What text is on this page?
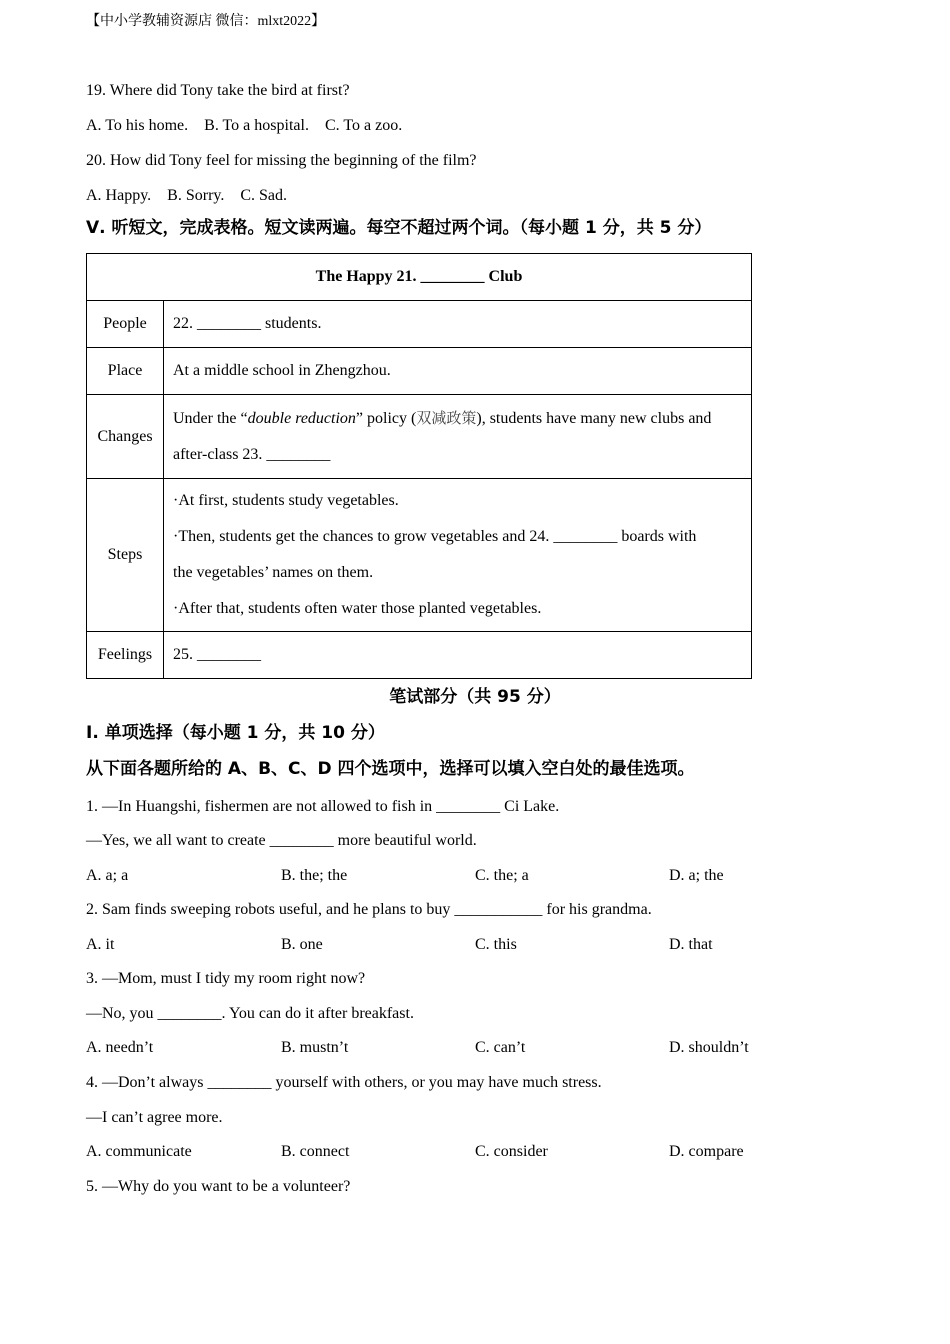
【中小学教辅资源店 微信：mlxt2022】
19. Where did Tony take the bird at first?
A. To his home.    B. To a hospital.    C. To a zoo.
20. How did Tony feel for missing the beginning of the film?
A. Happy.    B. Sorry.    C. Sad.
Ⅴ. 听短文，完成表格。短文读两遍。每空不超过两个词。（每小题 1 分，共 5 分）
The Happy 21. ________ Club	
People	22. ________ students.
Place	At a middle school in Zhengzhou.
Changes	Under the “double reduction” policy (双减政策), students have many new clubs and
after-class 23. ________

Steps	·At first, students study vegetables.
·Then, students get the chances to grow vegetables and 24. ________ boards with
the vegetables’ names on them.
·After that, students often water those planted vegetables.

Feelings	25. ________
笔试部分（共 95 分）
Ⅰ. 单项选择（每小题 1 分，共 10 分）
从下面各题所给的 A、B、C、D 四个选项中，选择可以填入空白处的最佳选项。
1. —In Huangshi, fishermen are not allowed to fish in ________ Ci Lake.
—Yes, we all want to create ________ more beautiful world.
A. a; a	B. the; the	C. the; a	D. a; the
2. Sam finds sweeping robots useful, and he plans to buy ___________ for his grandma.
A. it	B. one	C. this	D. that
3. —Mom, must I tidy my room right now?
—No, you ________. You can do it after breakfast.
A. needn’t	B. mustn’t	C. can’t	D. shouldn’t
4. —Don’t always ________ yourself with others, or you may have much stress.
—I can’t agree more.
A. communicate	B. connect	C. consider	D. compare
5. —Why do you want to be a volunteer?
